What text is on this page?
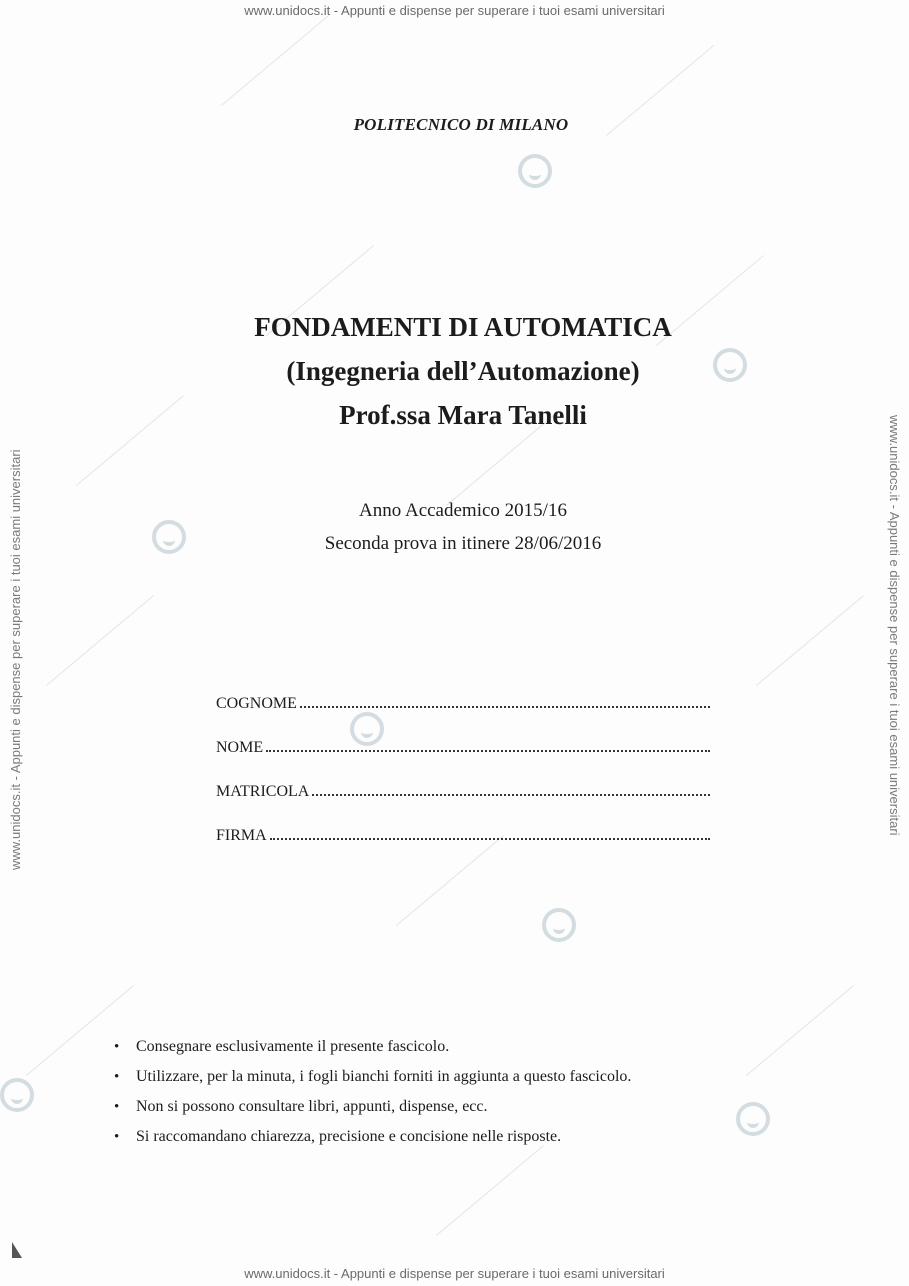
www.unidocs.it - Appunti e dispense per superare i tuoi esami universitari
www.unidocs.it - Appunti e dispense per superare i tuoi esami universitari
www.unidocs.it - Appunti e dispense per superare i tuoi esami universitari	www.unidocs.it - Appunti e dispense per superare i tuoi esami universitari
POLITECNICO DI MILANO
FONDAMENTI DI AUTOMATICA
(Ingegneria dell’Automazione)
Prof.ssa Mara Tanelli
Anno Accademico 2015/16
Seconda prova in itinere 28/06/2016
COGNOME
NOME
MATRICOLA
FIRMA
• Consegnare esclusivamente il presente fascicolo.
• Utilizzare, per la minuta, i fogli bianchi forniti in aggiunta a questo fascicolo.
• Non si possono consultare libri, appunti, dispense, ecc.
• Si raccomandano chiarezza, precisione e concisione nelle risposte.
